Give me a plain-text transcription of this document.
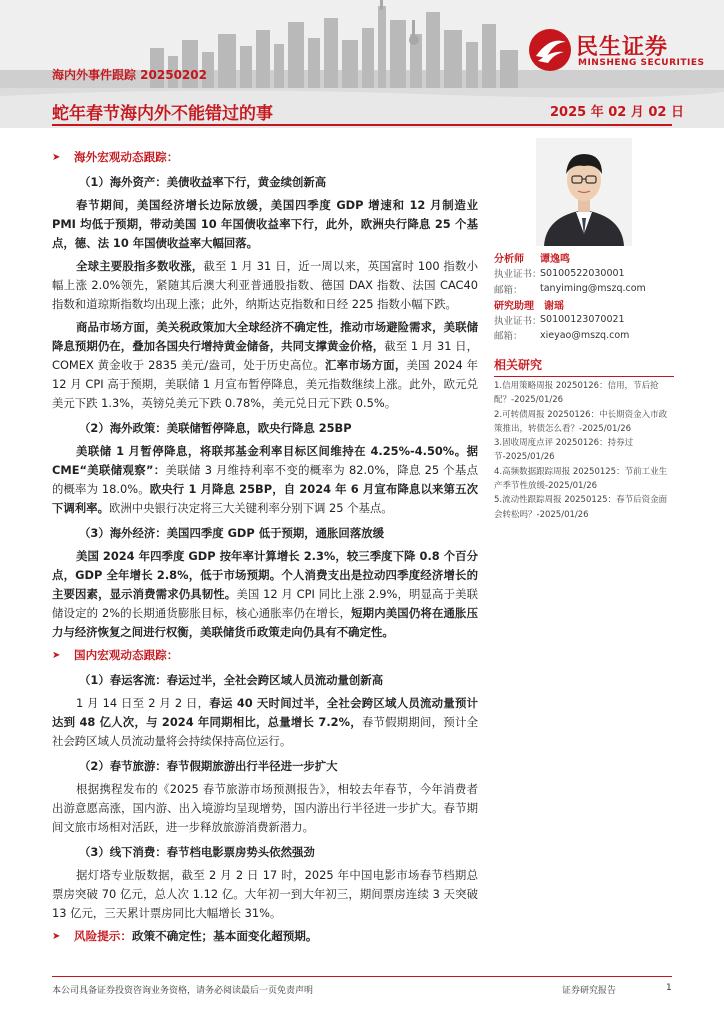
海内外事件跟踪 20250202
蛇年春节海内外不能错过的事	2025 年 02 月 02 日
民生证券
MINSHENG SECURITIES
➤	海外宏观动态跟踪：
（1）海外资产：美债收益率下行，黄金续创新高

春节期间，美国经济增长边际放缓，美国四季度 GDP 增速和 12 月制造业 PMI 均低于预期，带动美国 10 年国债收益率下行，此外，欧洲央行降息 25 个基点，德、法 10 年国债收益率大幅回落。

全球主要股指多数收涨，截至 1 月 31 日，近一周以来，英国富时 100 指数小幅上涨 2.0%领先，紧随其后澳大利亚普通股指数、德国 DAX 指数、法国 CAC40 指数和道琼斯指数均出现上涨；此外，纳斯达克指数和日经 225 指数小幅下跌。

商品市场方面，美关税政策加大全球经济不确定性，推动市场避险需求，美联储降息预期仍在，叠加各国央行增持黄金储备，共同支撑黄金价格，截至 1 月 31 日，COMEX 黄金收于 2835 美元/盎司，处于历史高位。汇率市场方面，美国 2024 年 12 月 CPI 高于预期，美联储 1 月宣布暂停降息，美元指数继续上涨。此外，欧元兑美元下跌 1.3%，英镑兑美元下跌 0.78%，美元兑日元下跌 0.5%。

（2）海外政策：美联储暂停降息，欧央行降息 25BP

美联储 1 月暂停降息，将联邦基金利率目标区间维持在 4.25%-4.50%。据 CME“美联储观察”：美联储 3 月维持利率不变的概率为 82.0%，降息 25 个基点的概率为 18.0%。欧央行 1 月降息 25BP，自 2024 年 6 月宣布降息以来第五次下调利率。欧洲中央银行决定将三大关键利率分别下调 25 个基点。

（3）海外经济：美国四季度 GDP 低于预期，通胀回落放缓

美国 2024 年四季度 GDP 按年率计算增长 2.3%，较三季度下降 0.8 个百分点，GDP 全年增长 2.8%，低于市场预期。个人消费支出是拉动四季度经济增长的主要因素，显示消费需求仍具韧性。美国 12 月 CPI 同比上涨 2.9%，明显高于美联储设定的 2%的长期通货膨胀目标，核心通胀率仍在增长，短期内美国仍将在通胀压力与经济恢复之间进行权衡，美联储货币政策走向仍具有不确定性。

➤	国内宏观动态跟踪：
（1）春运客流：春运过半，全社会跨区域人员流动量创新高

1 月 14 日至 2 月 2 日，春运 40 天时间过半，全社会跨区域人员流动量预计达到 48 亿人次，与 2024 年同期相比，总量增长 7.2%，春节假期期间，预计全社会跨区域人员流动量将会持续保持高位运行。

（2）春节旅游：春节假期旅游出行半径进一步扩大

根据携程发布的《2025 春节旅游市场预测报告》，相较去年春节，今年消费者出游意愿高涨，国内游、出入境游均呈现增势，国内游出行半径进一步扩大。春节期间文旅市场相对活跃，进一步释放旅游消费新潜力。

（3）线下消费：春节档电影票房势头依然强劲

据灯塔专业版数据，截至 2 月 2 日 17 时，2025 年中国电影市场春节档期总票房突破 70 亿元，总人次 1.12 亿。大年初一到大年初三，期间票房连续 3 天突破 13 亿元，三天累计票房同比大幅增长 31%。

➤	风险提示： 政策不确定性；基本面变化超预期。
分析师	谭逸鸣
执业证书：
S0100522030001
邮箱：	tanyiming@mszq.com
研究助理	谢瑶
执业证书：
S0100123070021
邮箱：	xieyao@mszq.com
相关研究
1.信用策略周报 20250126：信用，节后抢配？-2025/01/26
2.可转债周报 20250126：中长期资金入市政策推出，转债怎么看？-2025/01/26
3.固收周度点评 20250126：持券过节-2025/01/26
4.高频数据跟踪周报 20250125：节前工业生产季节性放缓-2025/01/26
5.流动性跟踪周报 20250125：春节后资金面会转松吗？-2025/01/26
本公司具备证券投资咨询业务资格，请务必阅读最后一页免责声明	证券研究报告	1
